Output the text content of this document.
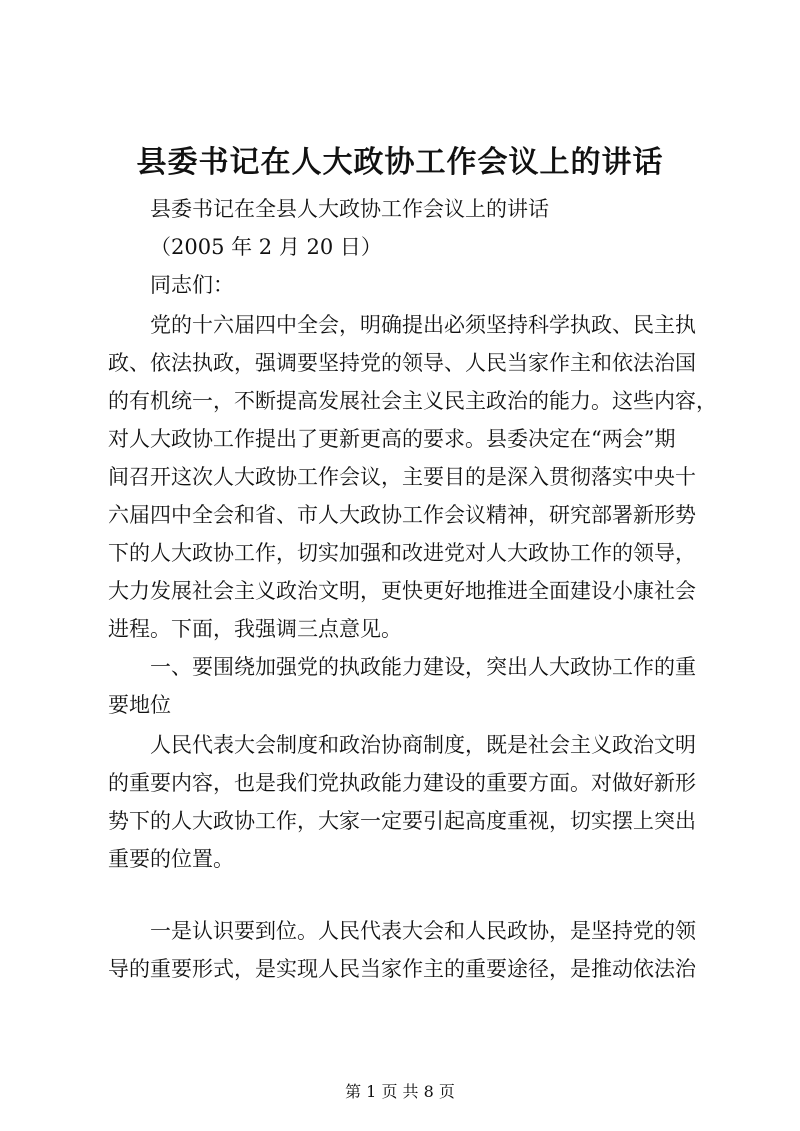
县委书记在人大政协工作会议上的讲话

县委书记在全县人大政协工作会议上的讲话

（2005 年 2 月 20 日）

同志们：

党的十六届四中全会，明确提出必须坚持科学执政、民主执

政、依法执政，强调要坚持党的领导、人民当家作主和依法治国

的有机统一，不断提高发展社会主义民主政治的能力。这些内容，

对人大政协工作提出了更新更高的要求。县委决定在“两会”期

间召开这次人大政协工作会议，主要目的是深入贯彻落实中央十

六届四中全会和省、市人大政协工作会议精神，研究部署新形势

下的人大政协工作，切实加强和改进党对人大政协工作的领导，

大力发展社会主义政治文明，更快更好地推进全面建设小康社会

进程。下面，我强调三点意见。

一、要围绕加强党的执政能力建设，突出人大政协工作的重

要地位

人民代表大会制度和政治协商制度，既是社会主义政治文明

的重要内容，也是我们党执政能力建设的重要方面。对做好新形

势下的人大政协工作，大家一定要引起高度重视，切实摆上突出

重要的位置。

一是认识要到位。人民代表大会和人民政协，是坚持党的领

导的重要形式，是实现人民当家作主的重要途径，是推动依法治

第 1 页 共 8 页
